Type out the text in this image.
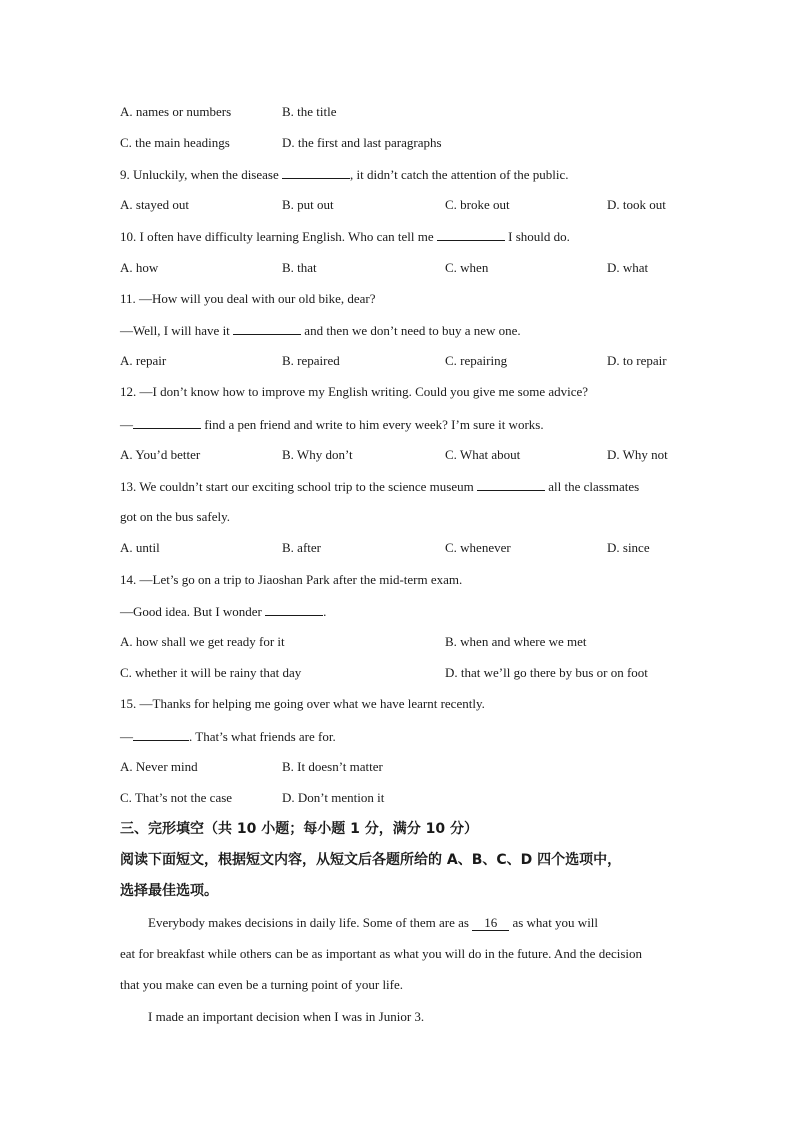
A. names or numbers	B. the title
C. the main headings	D. the first and last paragraphs
9. Unluckily, when the disease	, it didn’t catch the attention of the public.
A. stayed out	B. put out	C. broke out	D. took out
10. I often have difficulty learning English. Who can tell me	I should do.
A. how	B. that	C. when	D. what
11. —How will you deal with our old bike, dear?
—Well, I will have it	and then we don’t need to buy a new one.
A. repair	B. repaired	C. repairing	D. to repair
12. —I don’t know how to improve my English writing. Could you give me some advice?
—	find a pen friend and write to him every week? I’m sure it works.
A. You’d better	B. Why don’t	C. What about	D. Why not
13. We couldn’t start our exciting school trip to the science museum	all the classmates
got on the bus safely.
A. until	B. after	C. whenever	D. since
14. —Let’s go on a trip to Jiaoshan Park after the mid-term exam.
—Good idea. But I wonder	.
A. how shall we get ready for it	B. when and where we met
C. whether it will be rainy that day	D. that we’ll go there by bus or on foot
15. —Thanks for helping me going over what we have learnt recently.
—	. That’s what friends are for.
A. Never mind	B. It doesn’t matter
C. That’s not the case	D. Don’t mention it
三、完形填空（共 10 小题；每小题 1 分，满分 10 分）
阅读下面短文，根据短文内容，从短文后各题所给的 A、B、C、D 四个选项中，
选择最佳选项。
Everybody makes decisions in daily life. Some of them are as 16 as what you will
eat for breakfast while others can be as important as what you will do in the future. And the decision
that you make can even be a turning point of your life.
I made an important decision when I was in Junior 3.
